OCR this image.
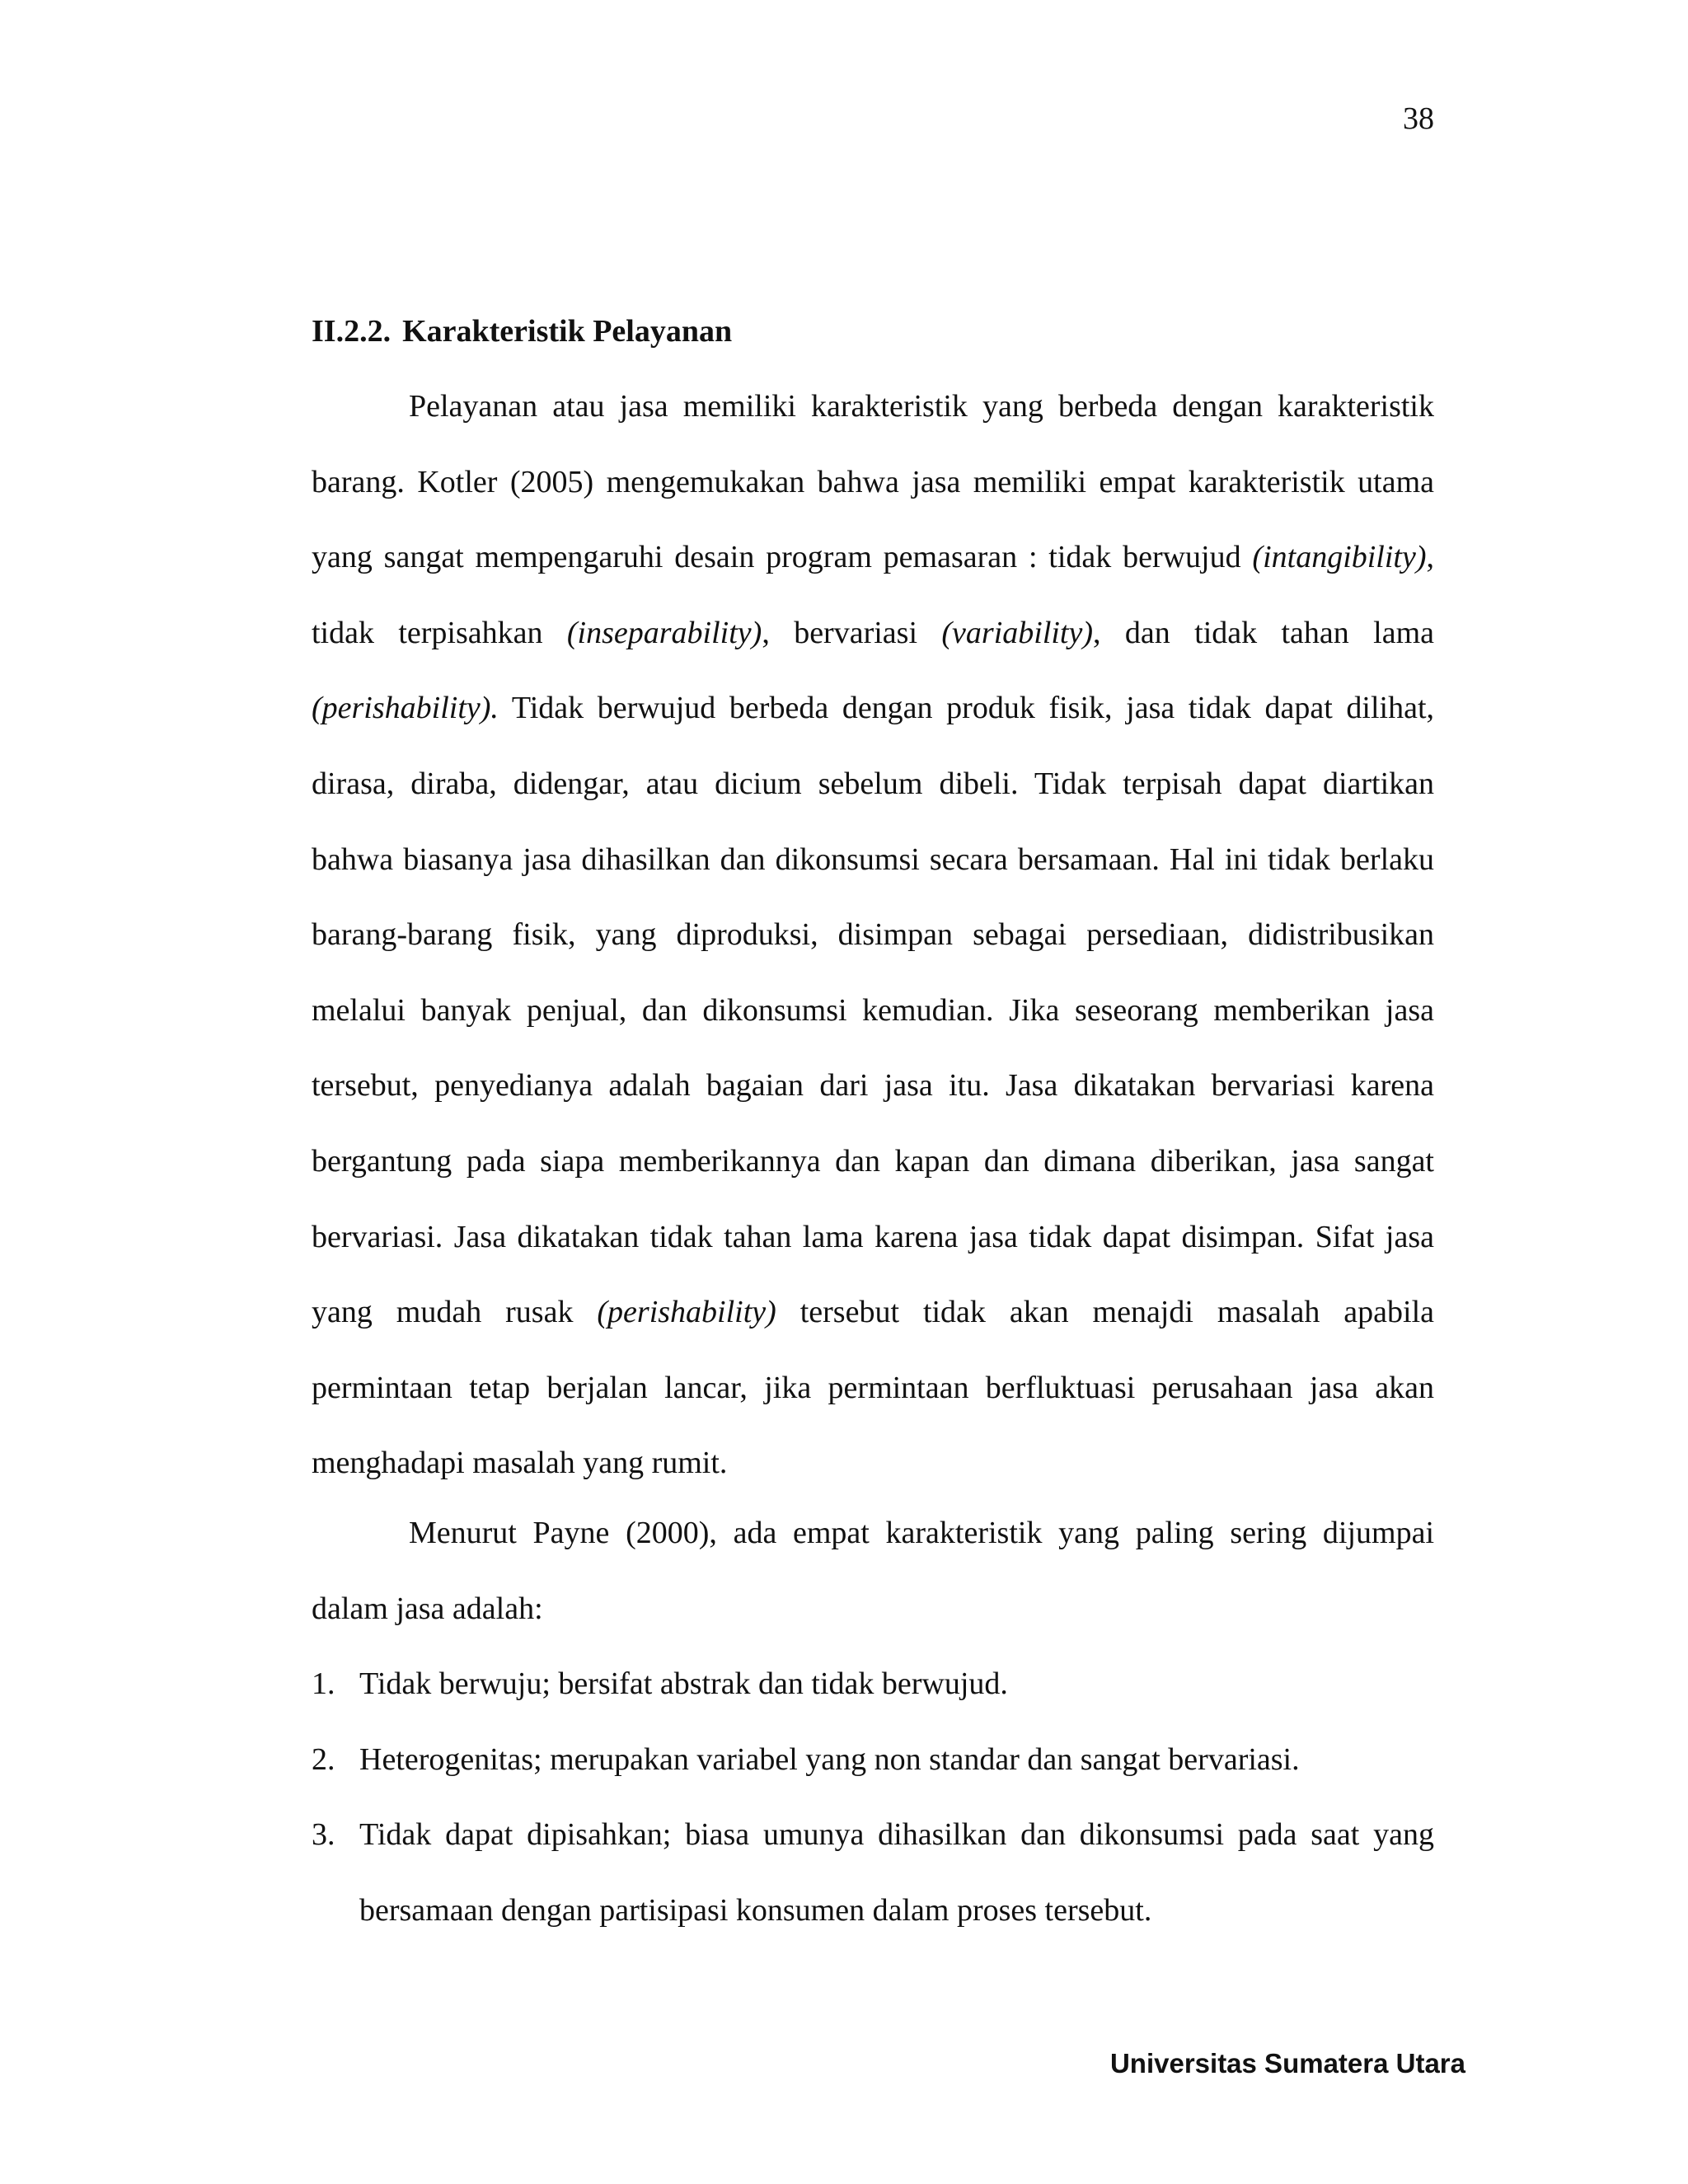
38
II.2.2. Karakteristik Pelayanan

Pelayanan atau jasa memiliki karakteristik yang berbeda dengan karakteristik barang. Kotler (2005) mengemukakan bahwa jasa memiliki empat karakteristik utama yang sangat mempengaruhi desain program pemasaran : tidak berwujud (intangibility), tidak terpisahkan (inseparability), bervariasi (variability), dan tidak tahan lama (perishability). Tidak berwujud berbeda dengan produk fisik, jasa tidak dapat dilihat, dirasa, diraba, didengar, atau dicium sebelum dibeli. Tidak terpisah dapat diartikan bahwa biasanya jasa dihasilkan dan dikonsumsi secara bersamaan. Hal ini tidak berlaku barang-barang fisik, yang diproduksi, disimpan sebagai persediaan, didistribusikan melalui banyak penjual, dan dikonsumsi kemudian. Jika seseorang memberikan jasa tersebut, penyedianya adalah bagaian dari jasa itu. Jasa dikatakan bervariasi karena bergantung pada siapa memberikannya dan kapan dan dimana diberikan, jasa sangat bervariasi. Jasa dikatakan tidak tahan lama karena jasa tidak dapat disimpan. Sifat jasa yang mudah rusak (perishability) tersebut tidak akan menajdi masalah apabila permintaan tetap berjalan lancar, jika permintaan berfluktuasi perusahaan jasa akan menghadapi masalah yang rumit.

Menurut Payne (2000), ada empat karakteristik yang paling sering dijumpai dalam jasa adalah:

1. Tidak berwuju; bersifat abstrak dan tidak berwujud.
2. Heterogenitas; merupakan variabel yang non standar dan sangat bervariasi.
3. Tidak dapat dipisahkan; biasa umunya dihasilkan dan dikonsumsi pada saat yang bersamaan dengan partisipasi konsumen dalam proses tersebut.
Universitas Sumatera Utara
